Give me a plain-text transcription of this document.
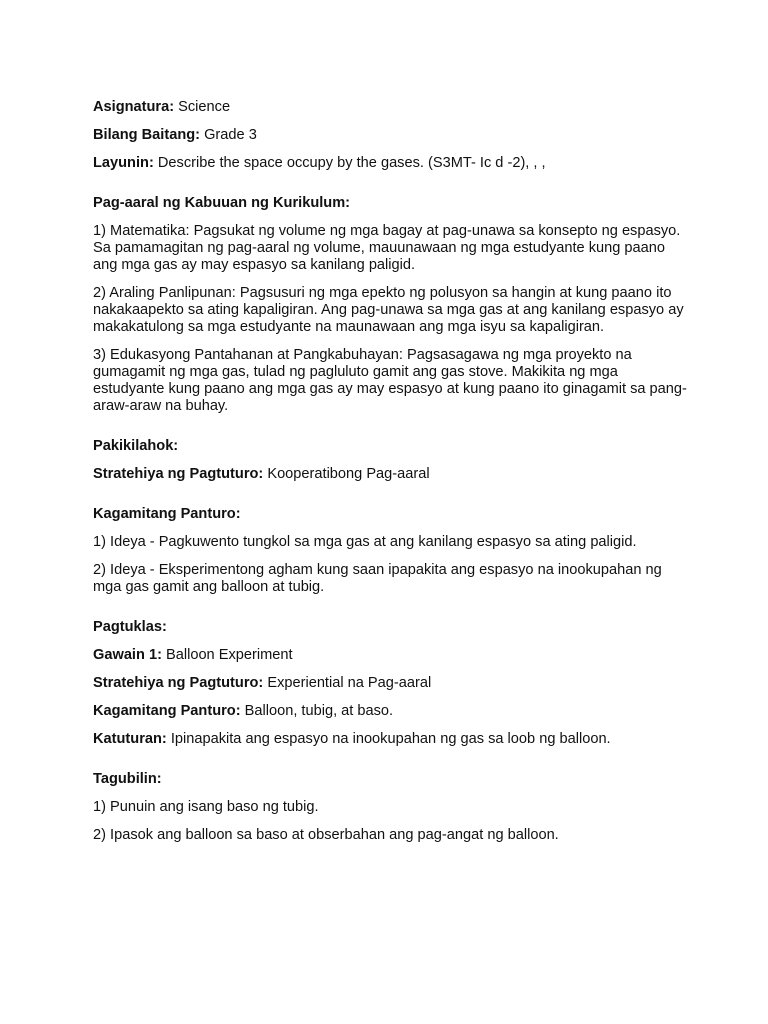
Asignatura: Science

Bilang Baitang: Grade 3

Layunin: Describe the space occupy by the gases. (S3MT- Ic d -2), , ,

Pag-aaral ng Kabuuan ng Kurikulum:

1) Matematika: Pagsukat ng volume ng mga bagay at pag-unawa sa konsepto ng espasyo. Sa pamamagitan ng pag-aaral ng volume, mauunawaan ng mga estudyante kung paano ang mga gas ay may espasyo sa kanilang paligid.

2) Araling Panlipunan: Pagsusuri ng mga epekto ng polusyon sa hangin at kung paano ito nakakaapekto sa ating kapaligiran. Ang pag-unawa sa mga gas at ang kanilang espasyo ay makakatulong sa mga estudyante na maunawaan ang mga isyu sa kapaligiran.

3) Edukasyong Pantahanan at Pangkabuhayan: Pagsasagawa ng mga proyekto na gumagamit ng mga gas, tulad ng pagluluto gamit ang gas stove. Makikita ng mga estudyante kung paano ang mga gas ay may espasyo at kung paano ito ginagamit sa pang-araw-araw na buhay.

Pakikilahok:

Stratehiya ng Pagtuturo: Kooperatibong Pag-aaral

Kagamitang Panturo:

1) Ideya - Pagkuwento tungkol sa mga gas at ang kanilang espasyo sa ating paligid.

2) Ideya - Eksperimentong agham kung saan ipapakita ang espasyo na inookupahan ng mga gas gamit ang balloon at tubig.

Pagtuklas:

Gawain 1: Balloon Experiment

Stratehiya ng Pagtuturo: Experiential na Pag-aaral

Kagamitang Panturo: Balloon, tubig, at baso.

Katuturan: Ipinapakita ang espasyo na inookupahan ng gas sa loob ng balloon.

Tagubilin:

1) Punuin ang isang baso ng tubig.

2) Ipasok ang balloon sa baso at obserbahan ang pag-angat ng balloon.
